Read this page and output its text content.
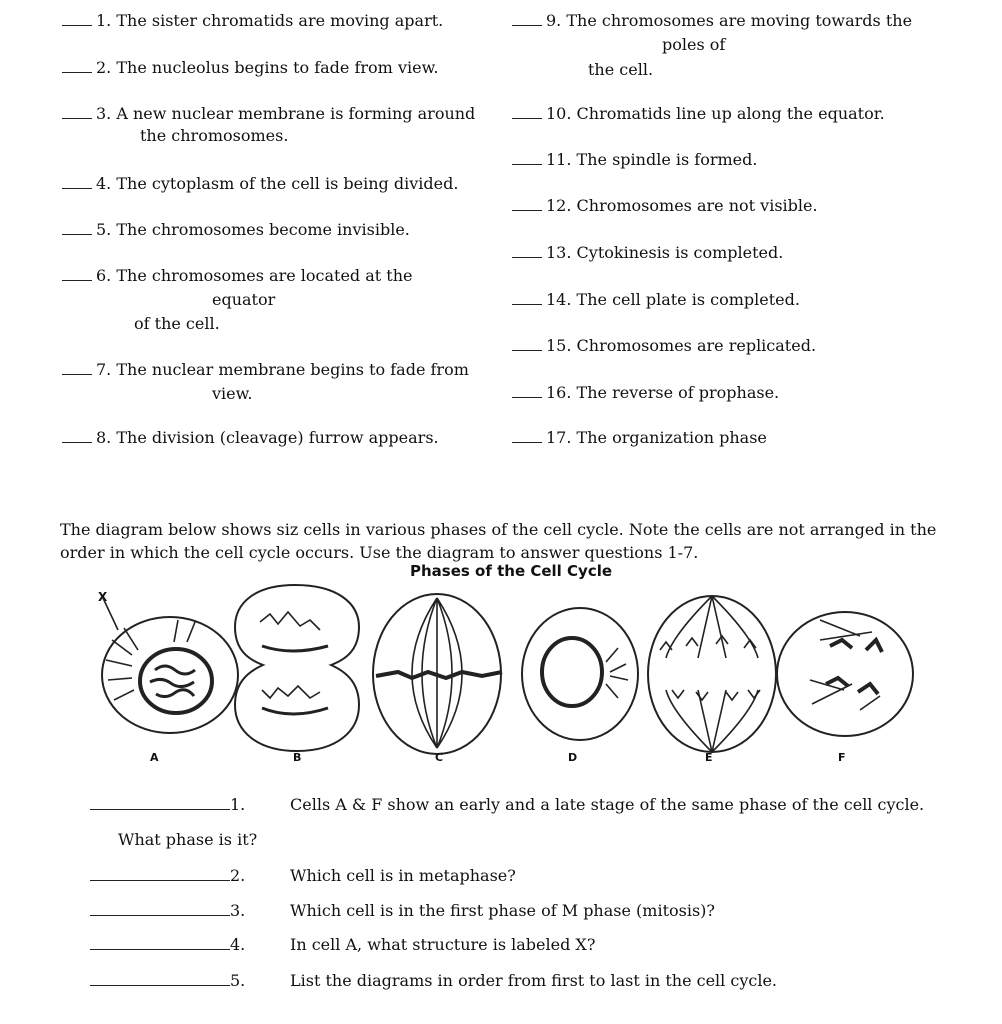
1. The sister chromatids are moving apart.
2. The nucleolus begins to fade from view.
3. A new nuclear membrane is forming around
the chromosomes.
4. The cytoplasm of the cell is being divided.
5. The chromosomes become invisible.
6. The chromosomes are located at the
equator
of the cell.
7. The nuclear membrane begins to fade from
view.
8. The division (cleavage) furrow appears.
9. The chromosomes are moving towards the
poles of
the cell.
10. Chromatids line up along the equator.
11. The spindle is formed.
12. Chromosomes are not visible.
13. Cytokinesis is completed.
14. The cell plate is completed.
15. Chromosomes are replicated.
16. The reverse of prophase.
17. The organization phase
The diagram below shows siz cells in various phases of the cell cycle. Note the cells are not arranged in the order in which the cell cycle occurs. Use the diagram to answer questions 1-7.
Phases of the Cell Cycle
X
A	B	C	D	E	F
1.	Cells A & F show an early and a late stage of the same phase of the cell cycle.
What phase is it?
2.	Which cell is in metaphase?
3.	Which cell is in the first phase of M phase (mitosis)?
4.	In cell A, what structure is labeled X?
5.	List the diagrams in order from first to last in the cell cycle.
